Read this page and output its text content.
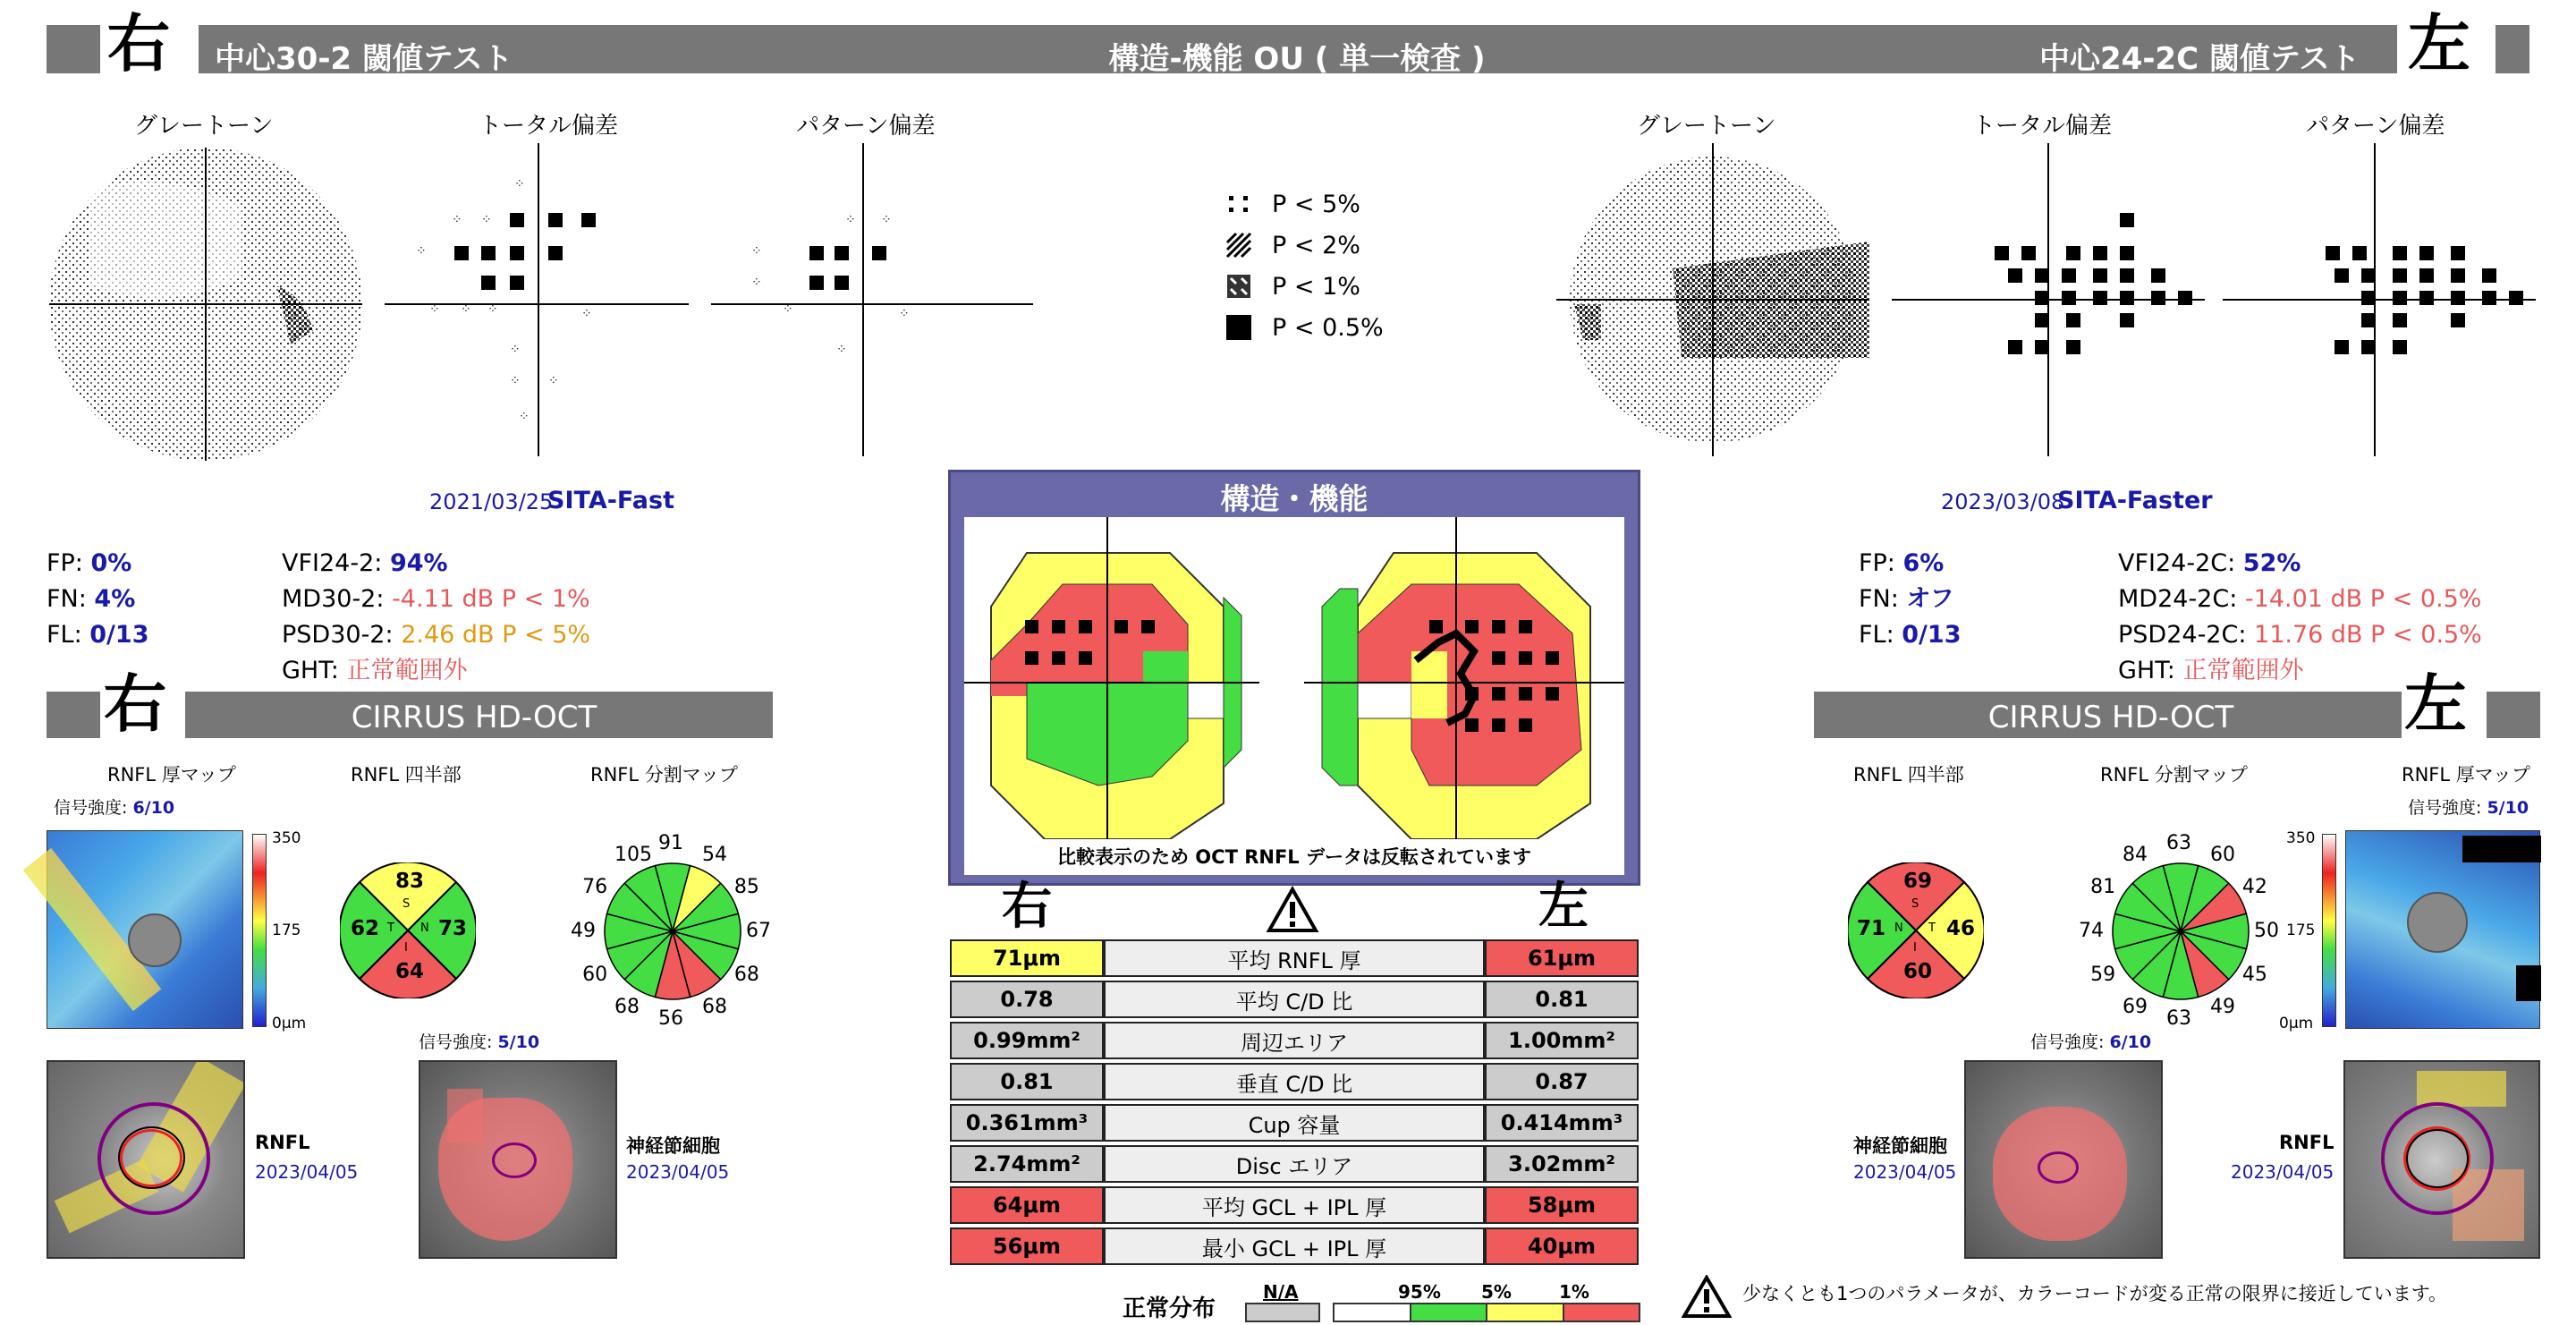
右 中心30-2 閾値テスト	構造-機能 OU ( 単一検査 )	中心24-2C 閾値テスト 左
グレートーン	トータル偏差	パターン偏差	グレートーン	トータル偏差	パターン偏差
⁘
⁘ ⁘
⁘
⁘ ⁘ ⁘	⁘
⁘
⁘
⁘
⁘
⁘ ⁘
⁘
⁘
⁘	⁘
⁘
P < 5%
P < 2%
P < 1%
P < 0.5%
2021/03/25
SITA-Fast	2023/03/08
SITA-Faster
FP: 0%
FN: 4%
FL: 0/13
VFI24-2: 94%
MD30-2: -4.11 dB P < 1%
PSD30-2: 2.46 dB P < 5%
GHT: 正常範囲外
FP: 6%
FN: オフ
FL: 0/13
VFI24-2C: 52%
MD24-2C: -14.01 dB P < 0.5%
PSD24-2C: 11.76 dB P < 0.5%
GHT: 正常範囲外
右	CIRRUS HD-OCT	左
CIRRUS HD-OCT
構造・機能
比較表示のため OCT RNFL データは反転されています
右	左
71μm	平均 RNFL 厚	61μm
0.78	平均 C/D 比	0.81
0.99mm²	周辺エリア	1.00mm²
0.81	垂直 C/D 比	0.87
0.361mm³	Cup 容量	0.414mm³
2.74mm²	Disc エリア	3.02mm²
64μm	平均 GCL + IPL 厚	58μm
56μm	最小 GCL + IPL 厚	40μm
正常分布
N/A	95% 5%	1%	少なくとも1つのパラメータが、カラーコードが変る正常の限界に接近しています。
RNFL 厚マップ
信号強度: 6/10
350
175
0μm
RNFL 四半部
83
S
73
N
64
I
62 T
RNFL 分割マップ
91
54
85
67
68
68
56
68
60
49
76
105
RNFL
2023/04/05
信号強度: 5/10
神経節細胞
2023/04/05
RNFL 四半部
69
S
71 N
60
I
46
T
RNFL 分割マップ
63
60
42
50
45
49
63
69
59
74
81
84
RNFL 厚マップ
信号強度: 5/10
350
175
0μm
信号強度: 6/10
神経節細胞
2023/04/05
RNFL
2023/04/05
